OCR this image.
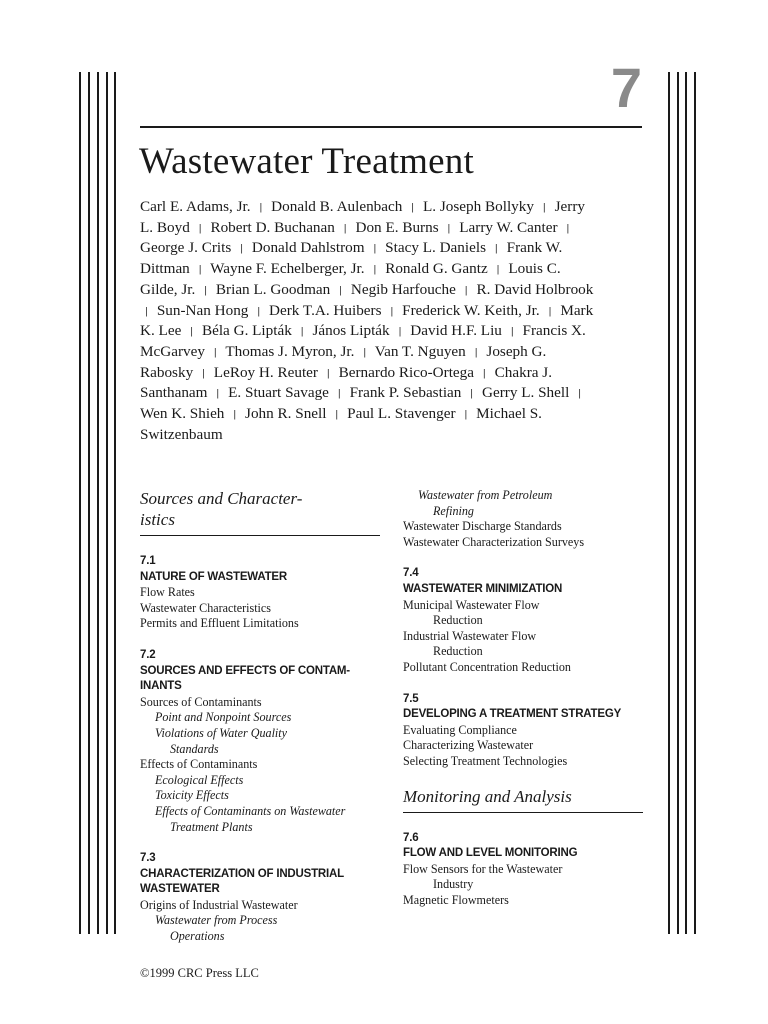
7
Wastewater Treatment

Carl E. Adams, Jr. | Donald B. Aulenbach | L. Joseph Bollyky | Jerry L. Boyd | Robert D. Buchanan | Don E. Burns | Larry W. Canter | George J. Crits | Donald Dahlstrom | Stacy L. Daniels | Frank W. Dittman | Wayne F. Echelberger, Jr. | Ronald G. Gantz | Louis C. Gilde, Jr. | Brian L. Goodman | Negib Harfouche | R. David Holbrook | Sun-Nan Hong | Derk T.A. Huibers | Frederick W. Keith, Jr. | Mark K. Lee | Béla G. Lipták | János Lipták | David H.F. Liu | Francis X. McGarvey | Thomas J. Myron, Jr. | Van T. Nguyen | Joseph G. Rabosky | LeRoy H. Reuter | Bernardo Rico-Ortega | Chakra J. Santhanam | E. Stuart Savage | Frank P. Sebastian | Gerry L. Shell | Wen K. Shieh | John R. Snell | Paul L. Stavenger | Michael S. Switzenbaum

Sources and Character-
istics
7.1
NATURE OF WASTEWATER
Flow Rates
Wastewater Characteristics
Permits and Effluent Limitations
7.2
SOURCES AND EFFECTS OF CONTAM-
INANTS
Sources of Contaminants
Point and Nonpoint Sources
Violations of Water Quality
Standards
Effects of Contaminants
Ecological Effects
Toxicity Effects
Effects of Contaminants on Wastewater
Treatment Plants
7.3
CHARACTERIZATION OF INDUSTRIAL
WASTEWATER
Origins of Industrial Wastewater
Wastewater from Process
Operations
Wastewater from Petroleum
Refining
Wastewater Discharge Standards
Wastewater Characterization Surveys
7.4
WASTEWATER MINIMIZATION
Municipal Wastewater Flow
Reduction
Industrial Wastewater Flow
Reduction
Pollutant Concentration Reduction
7.5
DEVELOPING A TREATMENT STRATEGY
Evaluating Compliance
Characterizing Wastewater
Selecting Treatment Technologies
Monitoring and Analysis
7.6
FLOW AND LEVEL MONITORING
Flow Sensors for the Wastewater
Industry
Magnetic Flowmeters

©1999 CRC Press LLC
